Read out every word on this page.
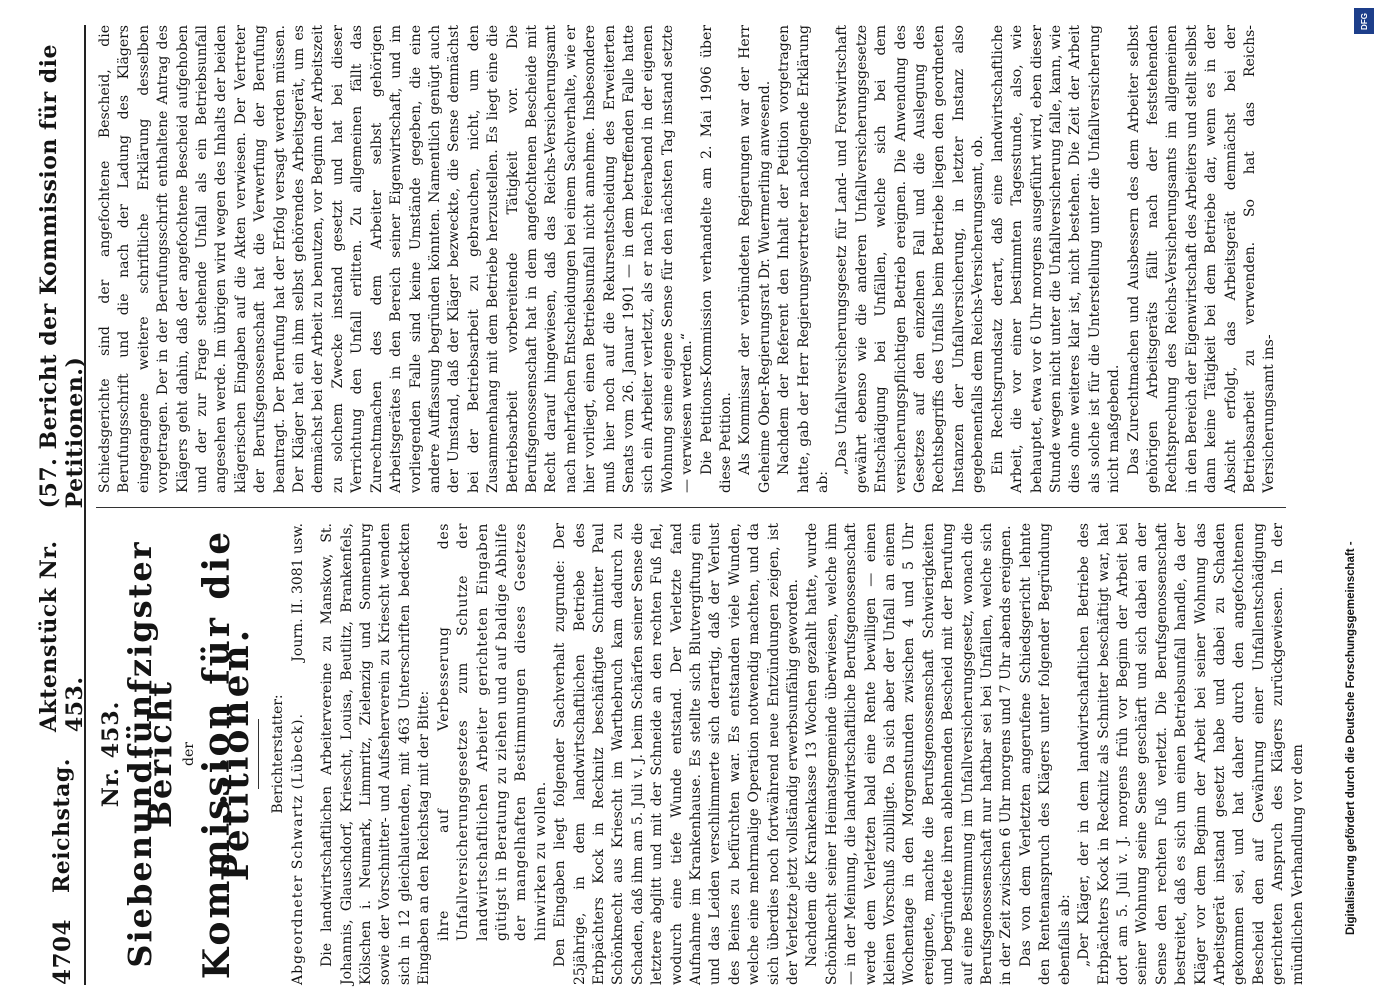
4704
Reichstag.
Aktenstück Nr. 453.
(57. Bericht der Kommission für die Petitionen.)
Nr. 453.
Siebenundfünfzigster Bericht der
Kommission für die Petitionen. Berichterstatter: Abgeordneter Schwartz (Lübeck).
Journ. II. 3081 usw. Die landwirtschaftlichen Arbeitervereine zu Manskow, St. Johannis, Glauschdorf, Kriescht, Louisa, Beutlitz, Brankenfels, Kölschen i. Neumark, Limmritz, Zielenzig und Sonnenburg sowie der Vorschnitter- und Aufseherverein zu Kriescht wenden sich in 12 gleichlautenden, mit 463 Unterschriften bedeckten Eingaben an den Reichstag mit der Bitte: ihre auf Verbesserung des Unfallversicherungsgesetzes zum Schutze der landwirtschaftlichen Arbeiter gerichteten Eingaben gütigst in Beratung zu ziehen und auf baldige Abhilfe der mangelhaften Bestimmungen dieses Gesetzes hinwirken zu wollen. Den Eingaben liegt folgender Sachverhalt zugrunde: Der 25jährige, in dem landwirtschaftlichen Betriebe des Erbpächters Kock in Recknitz beschäftigte Schnitter Paul Schönknecht aus Kriescht im Warthebruch kam dadurch zu Schaden, daß ihm am 5. Juli v. J. beim Schärfen seiner Sense die letztere abglitt und mit der Schneide an den rechten Fuß fiel, wodurch eine tiefe Wunde entstand. Der Verletzte fand Aufnahme im Krankenhause. Es stellte sich Blutvergiftung ein und das Leiden verschlimmerte sich derartig, daß der Verlust des Beines zu befürchten war. Es entstanden viele Wunden, welche eine mehrmalige Operation notwendig machten, und da sich überdies noch fortwährend neue Entzündungen zeigen, ist der Verletzte jetzt vollständig erwerbsunfähig geworden. Nachdem die Krankenkasse 13 Wochen gezahlt hatte, wurde Schönknecht seiner Heimatsgemeinde überwiesen, welche ihm — in der Meinung, die landwirtschaftliche Berufsgenossenschaft werde dem Verletzten bald eine Rente bewilligen — einen kleinen Vorschuß zubilligte. Da sich aber der Unfall an einem Wochentage in den Morgenstunden zwischen 4 und 5 Uhr ereignete, machte die Berufsgenossenschaft Schwierigkeiten und begründete ihren ablehnenden Bescheid mit der Berufung auf eine Bestimmung im Unfallversicherungsgesetz, wonach die Berufsgenossenschaft nur haftbar sei bei Unfällen, welche sich in der Zeit zwischen 6 Uhr morgens und 7 Uhr abends ereignen. Das von dem Verletzten angerufene Schiedsgericht lehnte den Rentenanspruch des Klägers unter folgender Begründung ebenfalls ab: „Der Kläger, der in dem landwirtschaftlichen Betriebe des Erbpächters Kock in Recknitz als Schnitter beschäftigt war, hat dort am 5. Juli v. J. morgens früh vor Beginn der Arbeit bei seiner Wohnung seine Sense geschärft und sich dabei an der Sense den rechten Fuß verletzt. Die Berufsgenossenschaft bestreitet, daß es sich um einen Betriebsunfall handle, da der Kläger vor dem Beginn der Arbeit bei seiner Wohnung das Arbeitsgerät instand gesetzt habe und dabei zu Schaden gekommen sei, und hat daher durch den angefochtenen Bescheid den auf Gewährung einer Unfallentschädigung gerichteten Anspruch des Klägers zurückgewiesen. In der mündlichen Verhandlung vor dem

Schiedsgerichte sind der angefochtene Bescheid, die Berufungsschrift und die nach der Ladung des Klägers eingegangene weitere schriftliche Erklärung desselben vorgetragen. Der in der Berufungsschrift enthaltene Antrag des Klägers geht dahin, daß der angefochtene Bescheid aufgehoben und der zur Frage stehende Unfall als ein Betriebsunfall angesehen werde. Im übrigen wird wegen des Inhalts der beiden klägerischen Eingaben auf die Akten verwiesen. Der Vertreter der Berufsgenossenschaft hat die Verwerfung der Berufung beantragt. Der Berufung hat der Erfolg versagt werden müssen. Der Kläger hat ein ihm selbst gehörendes Arbeitsgerät, um es demnächst bei der Arbeit zu benutzen, vor Beginn der Arbeitszeit zu solchem Zwecke instand gesetzt und hat bei dieser Verrichtung den Unfall erlitten. Zu allgemeinen fällt das Zurechtmachen des dem Arbeiter selbst gehörigen Arbeitsgerätes in den Bereich seiner Eigenwirtschaft, und im vorliegenden Falle sind keine Umstände gegeben, die eine andere Auffassung begründen könnten. Namentlich genügt auch der Umstand, daß der Kläger bezweckte, die Sense demnächst bei der Betriebsarbeit zu gebrauchen, nicht, um den Zusammenhang mit dem Betriebe herzustellen. Es liegt eine die Betriebsarbeit vorbereitende Tätigkeit vor. Die Berufsgenossenschaft hat in dem angefochtenen Bescheide mit Recht darauf hingewiesen, daß das Reichs-Versicherungsamt nach mehrfachen Entscheidungen bei einem Sachverhalte, wie er hier vorliegt, einen Betriebsunfall nicht annehme. Insbesondere muß hier noch auf die Rekursentscheidung des Erweiterten Senats vom 26. Januar 1901 — in dem betreffenden Falle hatte sich ein Arbeiter verletzt, als er nach Feierabend in der eigenen Wohnung seine eigene Sense für den nächsten Tag instand setzte — verwiesen werden.“ Die Petitions-Kommission verhandelte am 2. Mai 1906 über diese Petition. Als Kommissar der verbündeten Regierungen war der Herr Geheime Ober-Regierungsrat Dr. Wuermerling anwesend. Nachdem der Referent den Inhalt der Petition vorgetragen hatte, gab der Herr Regierungsvertreter nachfolgende Erklärung ab:

„Das Unfallversicherungsgesetz für Land- und Forstwirtschaft gewährt ebenso wie die anderen Unfallversicherungsgesetze Entschädigung bei Unfällen, welche sich bei dem versicherungspflichtigen Betrieb ereignen. Die Anwendung des Gesetzes auf den einzelnen Fall und die Auslegung des Rechtsbegriffs des Unfalls beim Betriebe liegen den geordneten Instanzen der Unfallversicherung, in letzter Instanz also gegebenenfalls dem Reichs-Versicherungsamt, ob. Ein Rechtsgrundsatz derart, daß eine landwirtschaftliche Arbeit, die vor einer bestimmten Tagesstunde, also, wie behauptet, etwa vor 6 Uhr morgens ausgeführt wird, eben dieser Stunde wegen nicht unter die Unfallversicherung falle, kann, wie dies ohne weiteres klar ist, nicht bestehen. Die Zeit der Arbeit als solche ist für die Unterstellung unter die Unfallversicherung nicht maßgebend. Das Zurechtmachen und Ausbessern des dem Arbeiter selbst gehörigen Arbeitsgeräts fällt nach der feststehenden Rechtsprechung des Reichs-Versicherungsamts im allgemeinen in den Bereich der Eigenwirtschaft des Arbeiters und stellt selbst dann keine Tätigkeit bei dem Betriebe dar, wenn es in der Absicht erfolgt, das Arbeitsgerät demnächst bei der Betriebsarbeit zu verwenden. So hat das Reichs-Versicherungsamt ins-

Digitalisierung gefördert durch die Deutsche Forschungsgemeinschaft -
DFG
